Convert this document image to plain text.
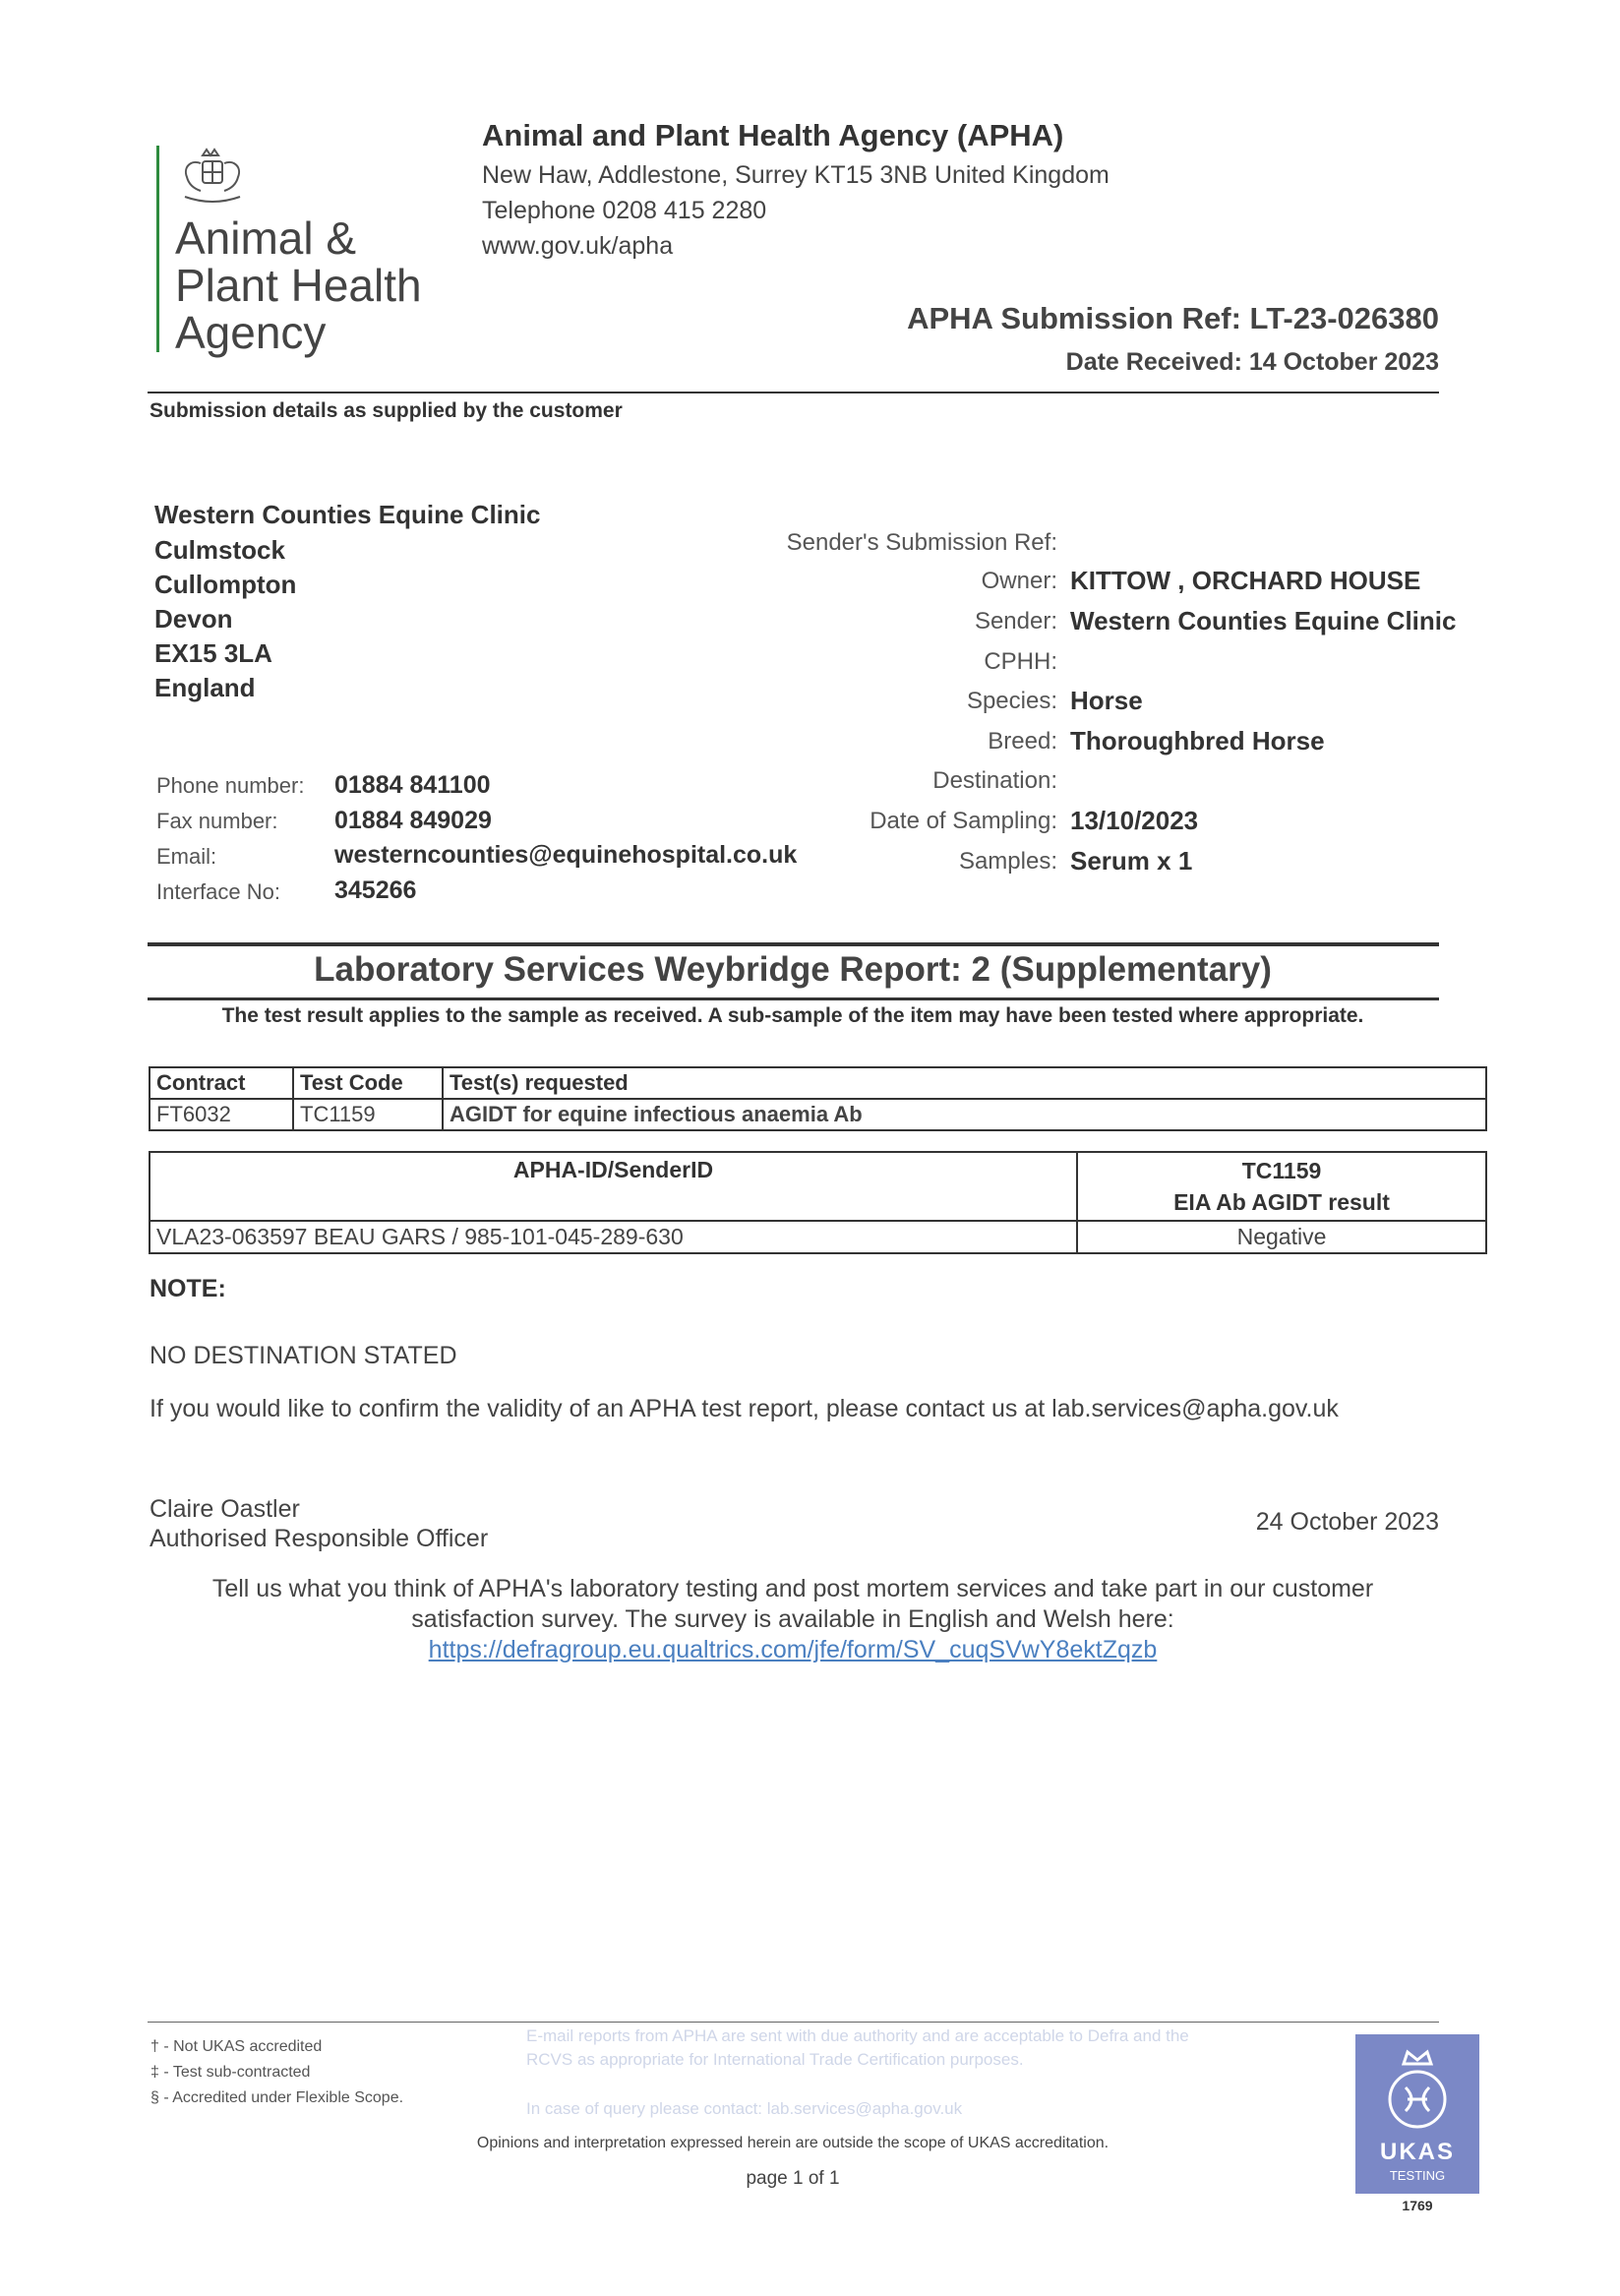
Animal &
Plant Health
Agency
Animal and Plant Health Agency (APHA)
New Haw, Addlestone, Surrey KT15 3NB United Kingdom
Telephone 0208 415 2280
www.gov.uk/apha
APHA Submission Ref: LT-23-026380
Date Received: 14 October 2023
Submission details as supplied by the customer
Western Counties Equine Clinic
Culmstock
Cullompton
Devon
EX15 3LA
England
Phone number: 01884 841100
Fax number: 01884 849029
Email:	westerncounties@equinehospital.co.uk
Interface No: 345266
Sender's Submission Ref:
Owner: KITTOW , ORCHARD HOUSE
Sender: Western Counties Equine Clinic
CPHH:
Species: Horse
Breed: Thoroughbred Horse
Destination:
Date of Sampling: 13/10/2023
Samples: Serum x 1
Laboratory Services Weybridge Report: 2 (Supplementary)
The test result applies to the sample as received. A sub-sample of the item may have been tested where appropriate.
Contract	Test Code	Test(s) requested
FT6032	TC1159	AGIDT for equine infectious anaemia Ab
APHA-ID/SenderID	TC1159
EIA Ab AGIDT result

VLA23-063597 BEAU GARS / 985-101-045-289-630	Negative
NOTE:
NO DESTINATION STATED
If you would like to confirm the validity of an APHA test report, please contact us at lab.services@apha.gov.uk
Claire Oastler
Authorised Responsible Officer
24 October 2023
Tell us what you think of APHA's laboratory testing and post mortem services and take part in our customer satisfaction survey. The survey is available in English and Welsh here:
https://defragroup.eu.qualtrics.com/jfe/form/SV_cuqSVwY8ektZqzb
† - Not UKAS accredited
‡ - Test sub-contracted
§ - Accredited under Flexible Scope.
E-mail reports from APHA are sent with due authority and are acceptable to Defra and the RCVS as appropriate for International Trade Certification purposes.
In case of query please contact: lab.services@apha.gov.uk
Opinions and interpretation expressed herein are outside the scope of UKAS accreditation.
page 1 of 1
UKAS
TESTING
1769
